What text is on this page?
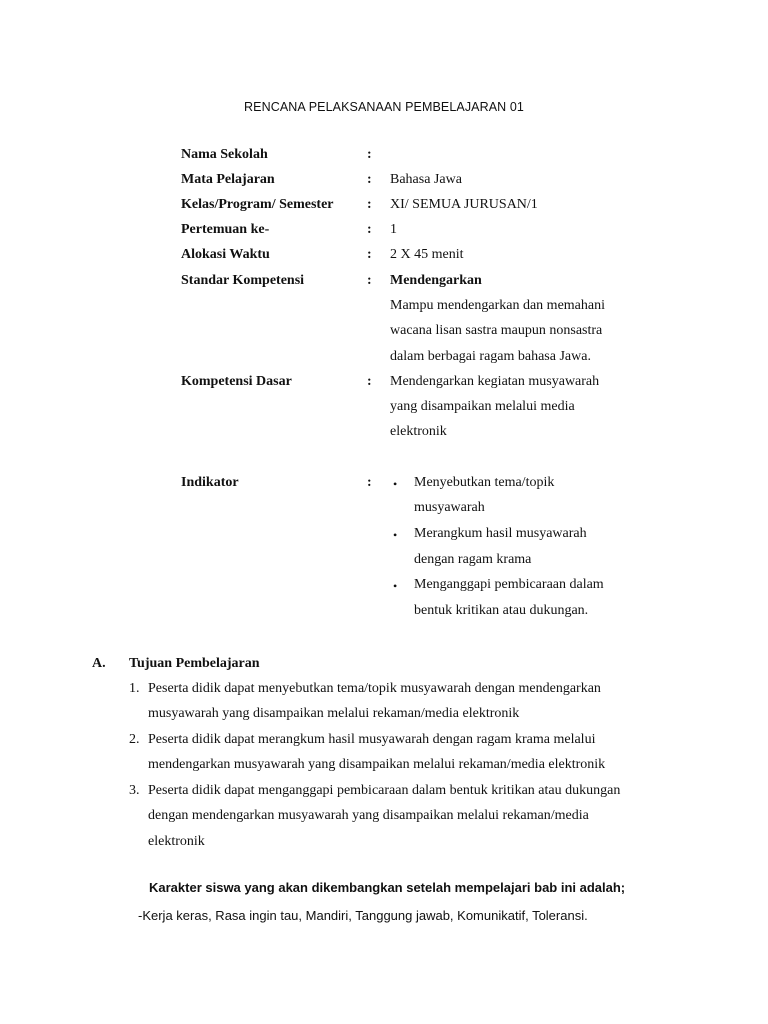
RENCANA PELAKSANAAN PEMBELAJARAN 01
Nama Sekolah	:
Mata Pelajaran	: Bahasa Jawa
Kelas/Program/ Semester : XI/ SEMUA JURUSAN/1
Pertemuan ke-	: 1
Alokasi Waktu	: 2 X 45 menit
Standar Kompetensi	: Mendengarkan
Mampu mendengarkan dan memahani
wacana lisan sastra maupun nonsastra
dalam berbagai ragam bahasa Jawa.
Kompetensi Dasar	: Mendengarkan kegiatan musyawarah
yang disampaikan melalui media
elektronik
Indikator	: • Menyebutkan tema/topik
musyawarah
• Merangkum hasil musyawarah
dengan ragam krama
• Menganggapi pembicaraan dalam
bentuk kritikan atau dukungan.
A. Tujuan Pembelajaran
1. Peserta didik dapat menyebutkan tema/topik musyawarah dengan mendengarkan
musyawarah yang disampaikan melalui rekaman/media elektronik
2. Peserta didik dapat merangkum hasil musyawarah dengan ragam krama melalui
mendengarkan musyawarah yang disampaikan melalui rekaman/media elektronik
3. Peserta didik dapat menganggapi pembicaraan dalam bentuk kritikan atau dukungan
dengan mendengarkan musyawarah yang disampaikan melalui rekaman/media
elektronik
Karakter siswa yang akan dikembangkan setelah mempelajari bab ini adalah;
-Kerja keras, Rasa ingin tau, Mandiri, Tanggung jawab, Komunikatif, Toleransi.
